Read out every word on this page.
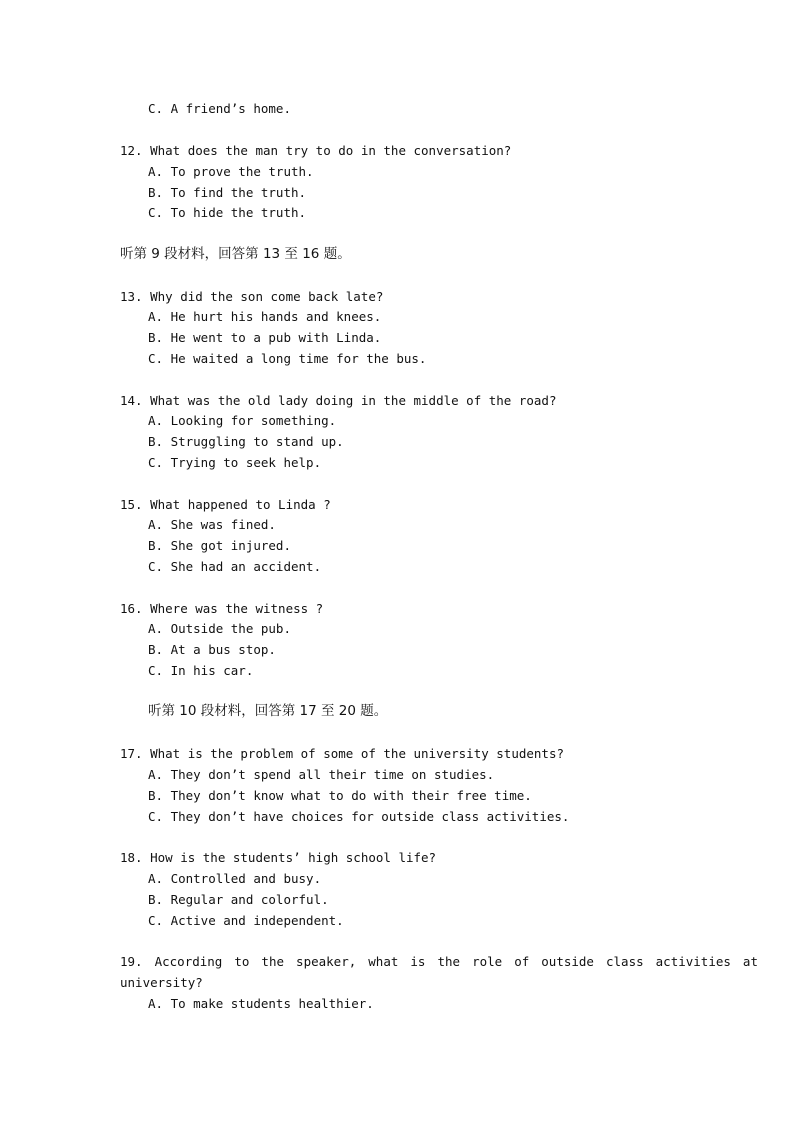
C. A friend’s home.
12. What does the man try to do in the conversation?
A. To prove the truth.
B. To find the truth.
C. To hide the truth.
听第 9 段材料，回答第 13 至 16 题。
13. Why did the son come back late?
A. He hurt his hands and knees.
B. He went to a pub with Linda.
C. He waited a long time for the bus.
14. What was the old lady doing in the middle of the road?
A. Looking for something.
B. Struggling to stand up.
C. Trying to seek help.
15. What happened to Linda ?
A. She was fined.
B. She got injured.
C. She had an accident.
16. Where was the witness ?
A. Outside the pub.
B. At a bus stop.
C. In his car.
听第 10 段材料，回答第 17 至 20 题。
17. What is the problem of some of the university students?
A. They don’t spend all their time on studies.
B. They don’t know what to do with their free time.
C. They don’t have choices for outside class activities.
18. How is the students’ high school life?
A. Controlled and busy.
B. Regular and colorful.
C. Active and independent.
19. According to the speaker, what is the role of outside class activities at
university?
A. To make students healthier.
